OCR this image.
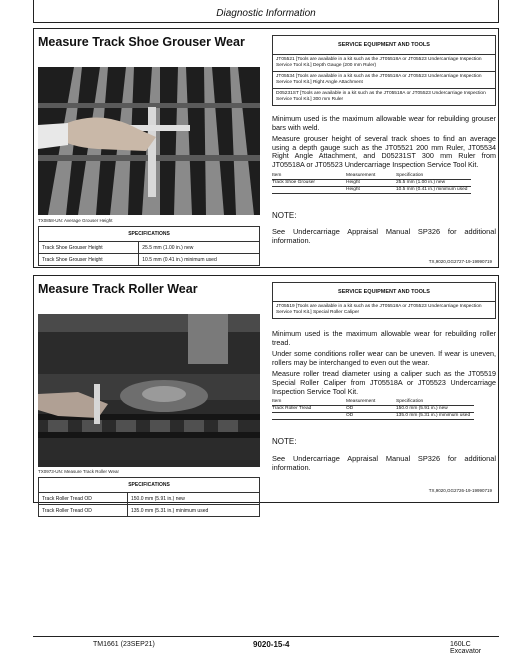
Diagnostic Information
Measure Track Shoe Grouser Wear
TX0858-UN: Average Grouser Height
SPECIFICATIONS	
Track Shoe Grouser Height	25.5 mm (1.00 in.) new
Track Shoe Grouser Height	10.5 mm (0.41 in.) minimum used
SERVICE EQUIPMENT AND TOOLS
JT05521 [Tools are available in a kit such as the JT05518A or JT05523 Undercarriage Inspection Service Tool Kit.] Depth Gauge (200 mm Ruler)
JT05534 [Tools are available in a kit such as the JT05518A or JT05523 Undercarriage Inspection Service Tool Kit.] Right Angle Attachment
D05231ST [Tools are available in a kit such as the JT05518A or JT05523 Undercarriage Inspection Service Tool Kit.] 300 mm Ruler

Minimum used is the maximum allowable wear for rebuilding grouser bars with weld.

Measure grouser height of several track shoes to find an average using a depth gauge such as the JT05521 200 mm Ruler, JT05534 Right Angle Attachment, and D05231ST 300 mm Ruler from JT05518A or JT05523 Undercarriage Inspection Service Tool Kit.

Item	Measurement	Specification
Track Shoe Grouser	Height	25.5 mm (1.00 in.) new
	Height	10.5 mm (0.41 in.) minimum used
NOTE:
See Undercarriage Appraisal Manual SP326 for additional information.
TX,9020,GG2727-19-19990719
Measure Track Roller Wear
TX0973-UN: Measure Track Roller Wear
SPECIFICATIONS	
Track Roller Tread OD	150.0 mm (5.91 in.) new
Track Roller Tread OD	135.0 mm (5.31 in.) minimum used
SERVICE EQUIPMENT AND TOOLS
JT05519 [Tools are available in a kit such as the JT05518A or JT05523 Undercarriage Inspection Service Tool Kit.] Special Roller Caliper

Minimum used is the maximum allowable wear for rebuilding roller tread.

Under some conditions roller wear can be uneven. If wear is uneven, rollers may be interchanged to even out the wear.

Measure roller tread diameter using a caliper such as the JT05519 Special Roller Caliper from JT05518A or JT05523 Undercarriage Inspection Service Tool Kit.

Item	Measurement	Specification
Track Roller Tread	OD	150.0 mm (5.91 in.) new
	OD	135.0 mm (5.31 in.) minimum used
NOTE:
See Undercarriage Appraisal Manual SP326 for additional information.
TX,9020,GG2726-19-19990719
TM1661 (23SEP21)	9020-15-4	160LC Excavator
